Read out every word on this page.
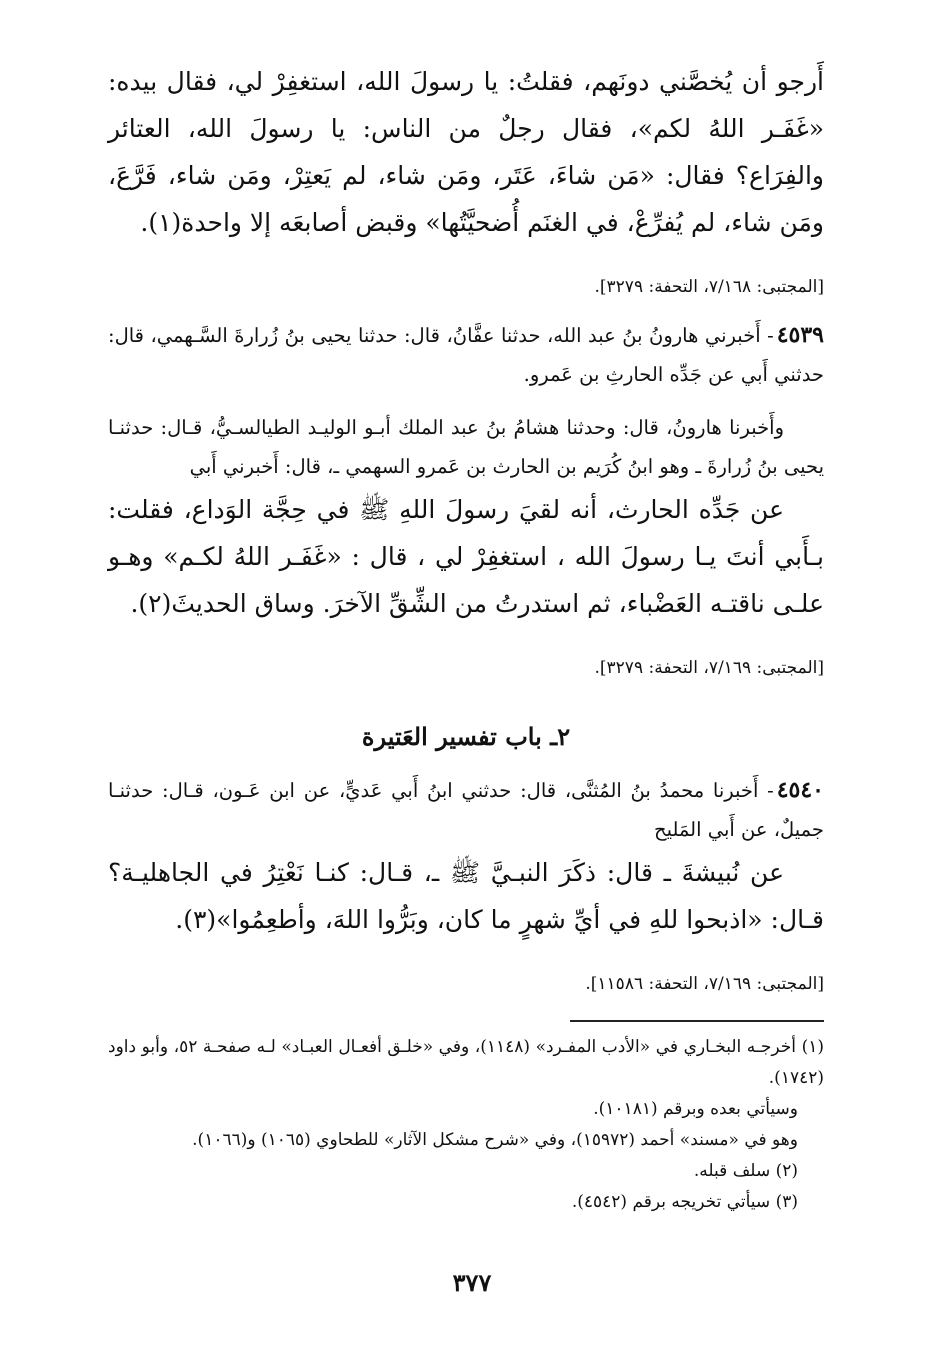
أَرجو أن يُخصَّني دونَهم، فقلتُ: يا رسولَ الله، استغفِرْ لي، فقال بيده: «غَفَـر اللهُ لكم»، فقال رجلٌ من الناس: يا رسولَ الله، العتائر والفِرَاع؟ فقال: «مَن شاءَ، عَتَر، ومَن شاء، لم يَعتِرْ، ومَن شاء، فَرَّعَ، ومَن شاء، لم يُفرِّعْ، في الغنَم أُضحيَّتُها» وقبض أصابعَه إلا واحدة(١).

[المجتبى: ٧/١٦٨، التحفة: ٣٢٧٩].

٤٥٣٩- أَخبرني هارونُ بنُ عبد الله، حدثنا عفَّانُ، قال: حدثنا يحيى بنُ زُرارةَ السَّـهمي، قال: حدثني أَبي عن جَدِّه الحارثِ بن عَمرو.

وأَخبرنا هارونُ، قال: وحدثنا هشامُ بنُ عبد الملك أبـو الوليـد الطيالسـيُّ، قـال: حدثنـا يحيى بنُ زُرارةَ ـ وهو ابنُ كُرَيم بن الحارث بن عَمرو السهمي ـ، قال: أَخبرني أَبي

عن جَدِّه الحارث، أنه لقيَ رسولَ اللهِ ﷺ في حِجَّة الوَداع، فقلت: بـأَبي أنتَ يـا رسولَ الله ، استغفِرْ لي ، قال : «غَفَـر اللهُ لكـم» وهـو علـى ناقتـه العَضْباء، ثم استدرتُ من الشِّقِّ الآخرَ. وساق الحديثَ(٢).

[المجتبى: ٧/١٦٩، التحفة: ٣٢٧٩].

٢ـ باب تفسير العَتيرة

٤٥٤٠- أَخبرنا محمدُ بنُ المُثنَّى، قال: حدثني ابنُ أَبي عَديٍّ، عن ابن عَـون، قـال: حدثنـا جميلٌ، عن أَبي المَليح

عن نُبيشةَ ـ قال: ذكَرَ النبـيَّ ﷺ ـ، قـال: كنـا نَعْتِرُ في الجاهليـة؟ قـال: «اذبحوا للهِ في أيِّ شهرٍ ما كان، وبَرُّوا اللهَ، وأطعِمُوا»(٣).

[المجتبى: ٧/١٦٩، التحفة: ١١٥٨٦].

(١) أخرجـه البخـاري في «الأدب المفـرد» (١١٤٨)، وفي «خلـق أفعـال العبـاد» لـه صفحـة ٥٢، وأبو داود (١٧٤٢).

وسيأتي بعده وبرقم (١٠١٨١).

وهو في «مسند» أحمد (١٥٩٧٢)، وفي «شرح مشكل الآثار» للطحاوي (١٠٦٥) و(١٠٦٦).

(٢) سلف قبله.

(٣) سيأتي تخريجه برقم (٤٥٤٢).

٣٧٧
